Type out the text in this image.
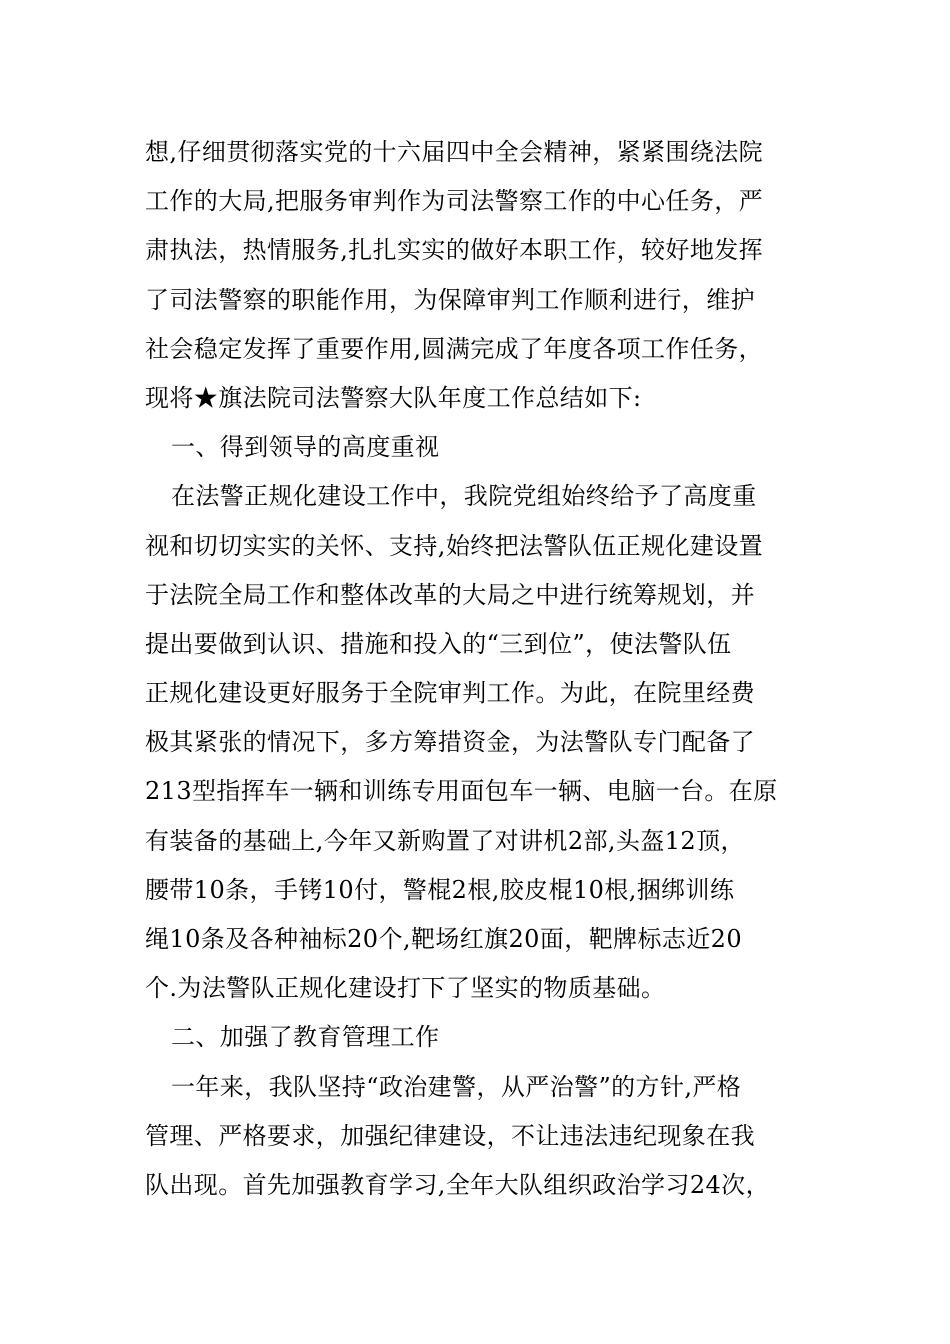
想,仔细贯彻落实党的十六届四中全会精神，紧紧围绕法院
工作的大局,把服务审判作为司法警察工作的中心任务，严
肃执法，热情服务,扎扎实实的做好本职工作，较好地发挥
了司法警察的职能作用，为保障审判工作顺利进行，维护
社会稳定发挥了重要作用,圆满完成了年度各项工作任务，
现将★旗法院司法警察大队年度工作总结如下:
一、得到领导的高度重视
在法警正规化建设工作中，我院党组始终给予了高度重
视和切切实实的关怀、支持,始终把法警队伍正规化建设置
于法院全局工作和整体改革的大局之中进行统筹规划，并
提出要做到认识、措施和投入的“三到位”，使法警队伍
正规化建设更好服务于全院审判工作。为此，在院里经费
极其紧张的情况下，多方筹措资金，为法警队专门配备了
213型指挥车一辆和训练专用面包车一辆、电脑一台。在原
有装备的基础上,今年又新购置了对讲机2部,头盔12顶，
腰带10条，手铐10付，警棍2根,胶皮棍10根,捆绑训练
绳10条及各种袖标20个,靶场红旗20面，靶牌标志近20
个.为法警队正规化建设打下了坚实的物质基础。
二、加强了教育管理工作
一年来，我队坚持“政治建警，从严治警”的方针,严格
管理、严格要求，加强纪律建设，不让违法违纪现象在我
队出现。首先加强教育学习,全年大队组织政治学习24次，
